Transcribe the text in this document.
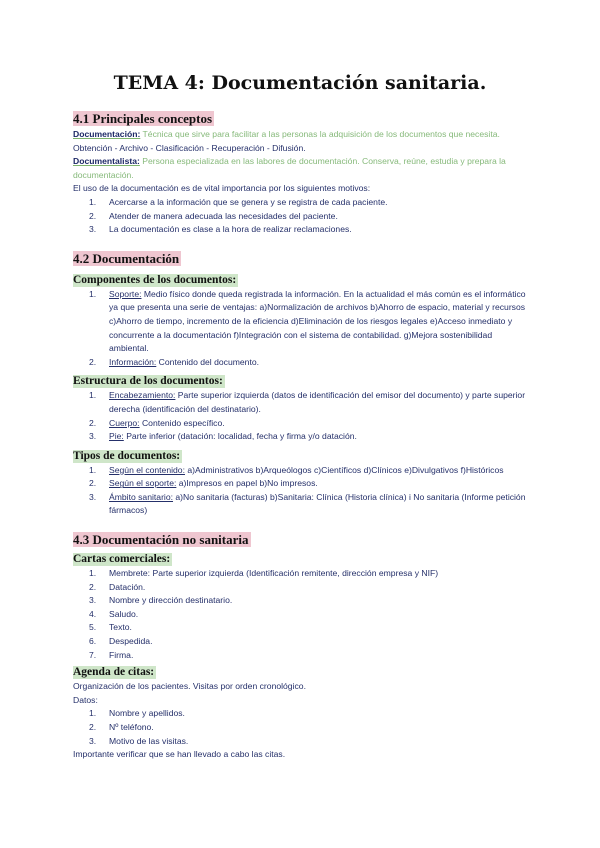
TEMA 4: Documentación sanitaria.
4.1 Principales conceptos
Documentación: Técnica que sirve para facilitar a las personas la adquisición de los documentos que necesita.
Obtención - Archivo - Clasificación - Recuperación - Difusión.
Documentalista: Persona especializada en las labores de documentación. Conserva, reúne, estudia y prepara la documentación.
El uso de la documentación es de vital importancia por los siguientes motivos:
1. Acercarse a la información que se genera y se registra de cada paciente.
2. Atender de manera adecuada las necesidades del paciente.
3. La documentación es clase a la hora de realizar reclamaciones.
4.2 Documentación
Componentes de los documentos:
1. Soporte: Medio físico donde queda registrada la información. En la actualidad el más común es el informático ya que presenta una serie de ventajas: a)Normalización de archivos b)Ahorro de espacio, material y recursos c)Ahorro de tiempo, incremento de la eficiencia d)Eliminación de los riesgos legales e)Acceso inmediato y concurrente a la documentación f)Integración con el sistema de contabilidad. g)Mejora sostenibilidad ambiental.
2. Información: Contenido del documento.
Estructura de los documentos:
1. Encabezamiento: Parte superior izquierda (datos de identificación del emisor del documento) y parte superior derecha (identificación del destinatario).
2. Cuerpo: Contenido específico.
3. Pie: Parte inferior (datación: localidad, fecha y firma y/o datación.
Tipos de documentos:
1. Según el contenido: a)Administrativos b)Arqueólogos c)Científicos d)Clínicos e)Divulgativos f)Históricos
2. Según el soporte: a)Impresos en papel b)No impresos.
3. Ámbito sanitario: a)No sanitaria (facturas) b)Sanitaria: Clínica (Historia clínica) i No sanitaria (Informe petición fármacos)
4.3 Documentación no sanitaria
Cartas comerciales:
1. Membrete: Parte superior izquierda (Identificación remitente, dirección empresa y NIF)
2. Datación.
3. Nombre y dirección destinatario.
4. Saludo.
5. Texto.
6. Despedida.
7. Firma.
Agenda de citas:
Organización de los pacientes. Visitas por orden cronológico.
Datos:
1. Nombre y apellidos.
2. Nº teléfono.
3. Motivo de las visitas.
Importante verificar que se han llevado a cabo las citas.
